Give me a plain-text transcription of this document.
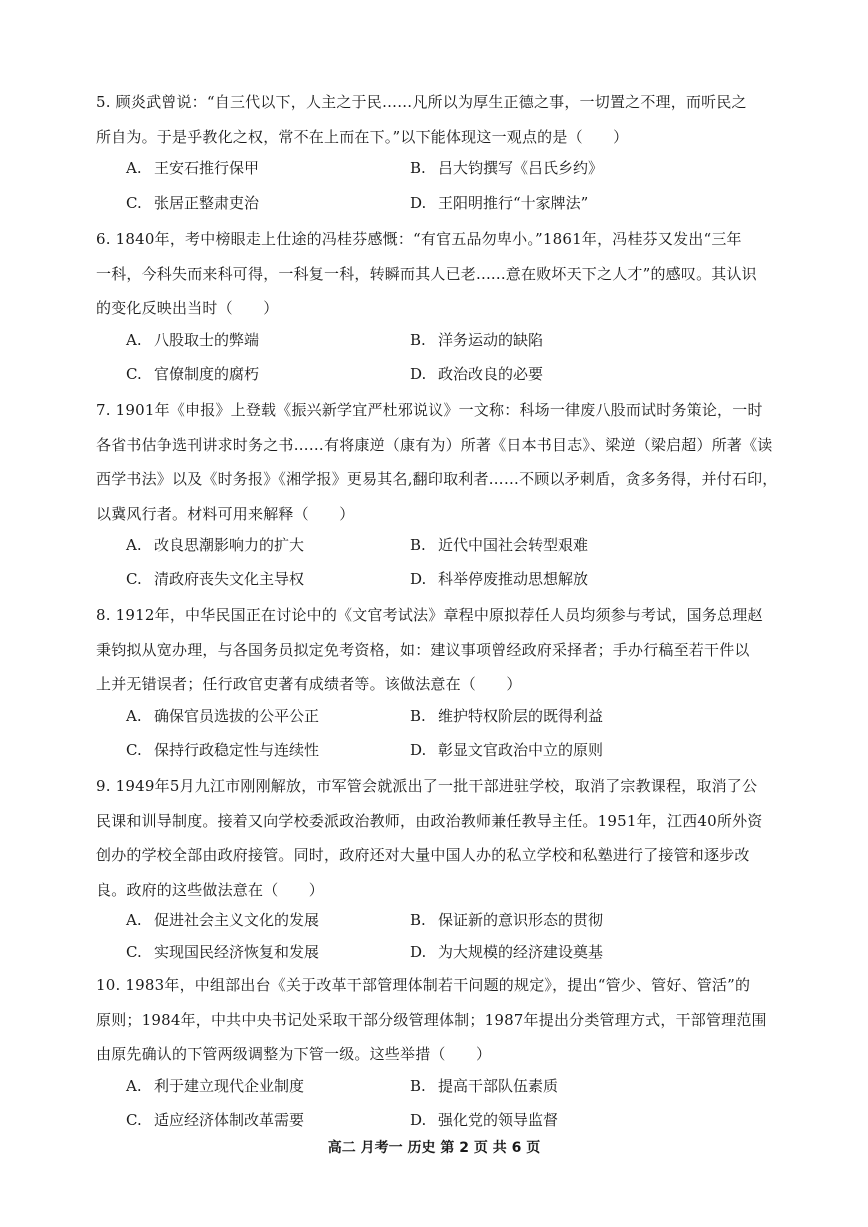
5. 顾炎武曾说：“自三代以下，人主之于民……凡所以为厚生正德之事，一切置之不理，而听民之
所自为。于是乎教化之权，常不在上而在下。”以下能体现这一观点的是（　　）
A. 王安石推行保甲	B. 吕大钧撰写《吕氏乡约》
C. 张居正整肃吏治	D. 王阳明推行“十家牌法”
6. 1840年，考中榜眼走上仕途的冯桂芬感慨：“有官五品勿卑小。”1861年，冯桂芬又发出“三年
一科，今科失而来科可得，一科复一科，转瞬而其人已老......意在败坏天下之人才”的感叹。其认识
的变化反映出当时（　　）
A. 八股取士的弊端	B. 洋务运动的缺陷
C. 官僚制度的腐朽	D. 政治改良的必要
7. 1901年《申报》上登载《振兴新学宜严杜邪说议》一文称：科场一律废八股而试时务策论，一时
各省书估争选刊讲求时务之书……有将康逆（康有为）所著《日本书目志》、梁逆（梁启超）所著《读
西学书法》以及《时务报》《湘学报》更易其名,翻印取利者……不顾以矛刺盾，贪多务得，并付石印，
以冀风行者。材料可用来解释（　　）
A. 改良思潮影响力的扩大	B. 近代中国社会转型艰难
C. 清政府丧失文化主导权	D. 科举停废推动思想解放
8. 1912年，中华民国正在讨论中的《文官考试法》章程中原拟荐任人员均须参与考试，国务总理赵
秉钧拟从宽办理，与各国务员拟定免考资格，如：建议事项曾经政府采择者；手办行稿至若干件以
上并无错误者；任行政官吏著有成绩者等。该做法意在（　　）
A. 确保官员选拔的公平公正	B. 维护特权阶层的既得利益
C. 保持行政稳定性与连续性	D. 彰显文官政治中立的原则
9. 1949年5月九江市刚刚解放，市军管会就派出了一批干部进驻学校，取消了宗教课程，取消了公
民课和训导制度。接着又向学校委派政治教师，由政治教师兼任教导主任。1951年，江西40所外资
创办的学校全部由政府接管。同时，政府还对大量中国人办的私立学校和私塾进行了接管和逐步改
良。政府的这些做法意在（　　）
A. 促进社会主义文化的发展	B. 保证新的意识形态的贯彻
C. 实现国民经济恢复和发展	D. 为大规模的经济建设奠基
10. 1983年，中组部出台《关于改革干部管理体制若干问题的规定》，提出“管少、管好、管活”的
原则；1984年，中共中央书记处采取干部分级管理体制；1987年提出分类管理方式，干部管理范围
由原先确认的下管两级调整为下管一级。这些举措（　　）
A. 利于建立现代企业制度	B. 提高干部队伍素质
C. 适应经济体制改革需要	D. 强化党的领导监督
高二 月考一 历史 第 2 页 共 6 页
